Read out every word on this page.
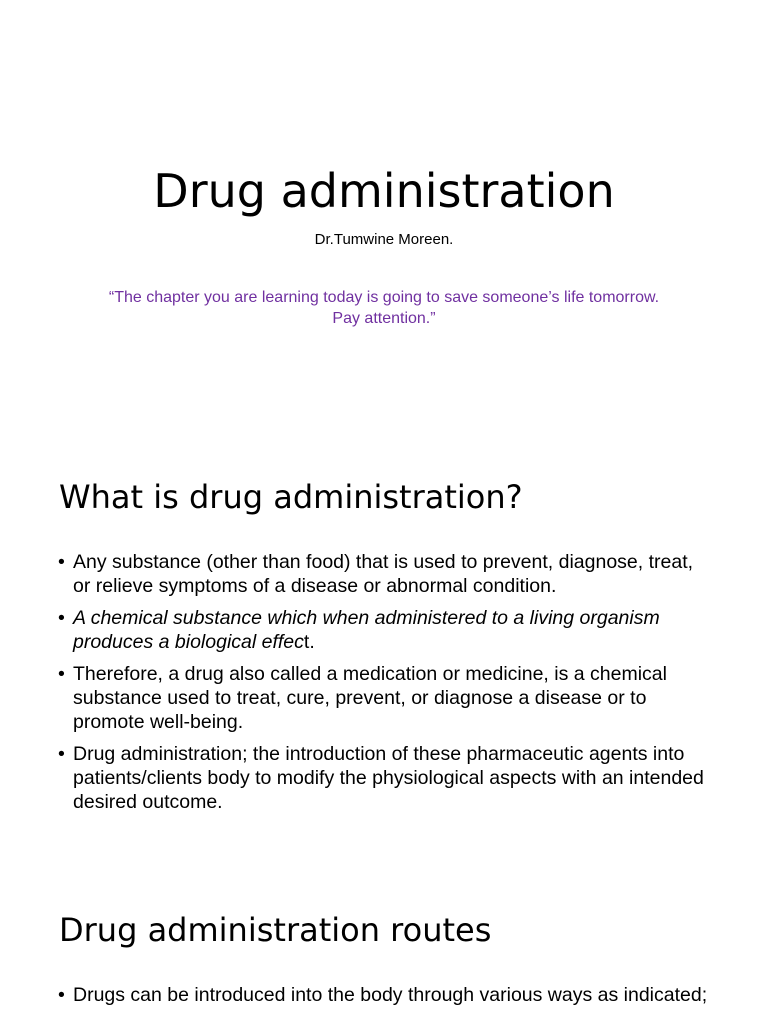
Drug administration

Dr.Tumwine Moreen.

“The chapter you are learning today is going to save someone’s life tomorrow. Pay attention.”

What is drug administration?
• Any substance (other than food) that is used to prevent, diagnose, treat, or relieve symptoms of a disease or abnormal condition.
• A chemical substance which when administered to a living organism produces a biological effect.
• Therefore, a drug also called a medication or medicine, is a chemical substance used to treat, cure, prevent, or diagnose a disease or to promote well-being.
• Drug administration; the introduction of these pharmaceutic agents into patients/clients body to modify the physiological aspects with an intended desired outcome.
Drug administration routes
• Drugs can be introduced into the body through various ways as indicated;
